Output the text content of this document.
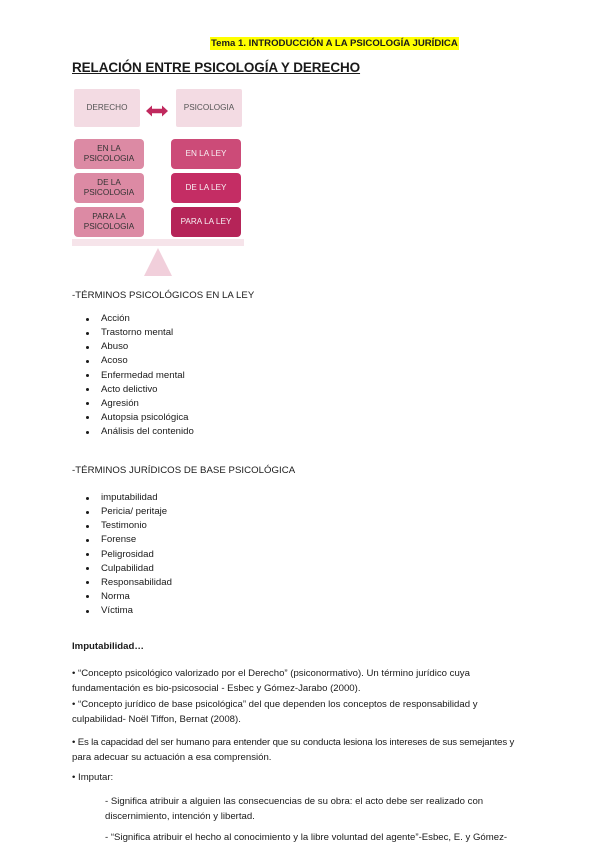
Tema 1. INTRODUCCIÓN A LA PSICOLOGÍA JURÍDICA
RELACIÓN ENTRE PSICOLOGÍA Y DERECHO
DERECHO	PSICOLOGIA
EN LA PSICOLOGIA
DE LA PSICOLOGIA
PARA LA PSICOLOGIA
EN LA LEY
DE LA LEY
PARA LA LEY
-TÉRMINOS PSICOLÓGICOS EN LA LEY
Acción
Trastorno mental
Abuso
Acoso
Enfermedad mental
Acto delictivo
Agresión
Autopsia psicológica
Análisis del contenido
-TÉRMINOS JURÍDICOS DE BASE PSICOLÓGICA
imputabilidad
Pericia/ peritaje
Testimonio
Forense
Peligrosidad
Culpabilidad
Responsabilidad
Norma
Víctima
Imputabilidad…
• “Concepto psicológico valorizado por el Derecho” (psiconormativo). Un término jurídico cuya
fundamentación es bio-psicosocial - Esbec y Gómez-Jarabo (2000).
• “Concepto jurídico de base psicológica” del que dependen los conceptos de responsabilidad y
culpabilidad- Noël Tiffon, Bernat (2008).
• Es la capacidad del ser humano para entender que su conducta lesiona los intereses de sus semejantes y
para adecuar su actuación a esa comprensión.
• Imputar:
- Significa atribuir a alguien las consecuencias de su obra: el acto debe ser realizado con
discernimiento, intención y libertad.
- “Significa atribuir el hecho al conocimiento y la libre voluntad del agente”-Esbec, E. y Gómez-
